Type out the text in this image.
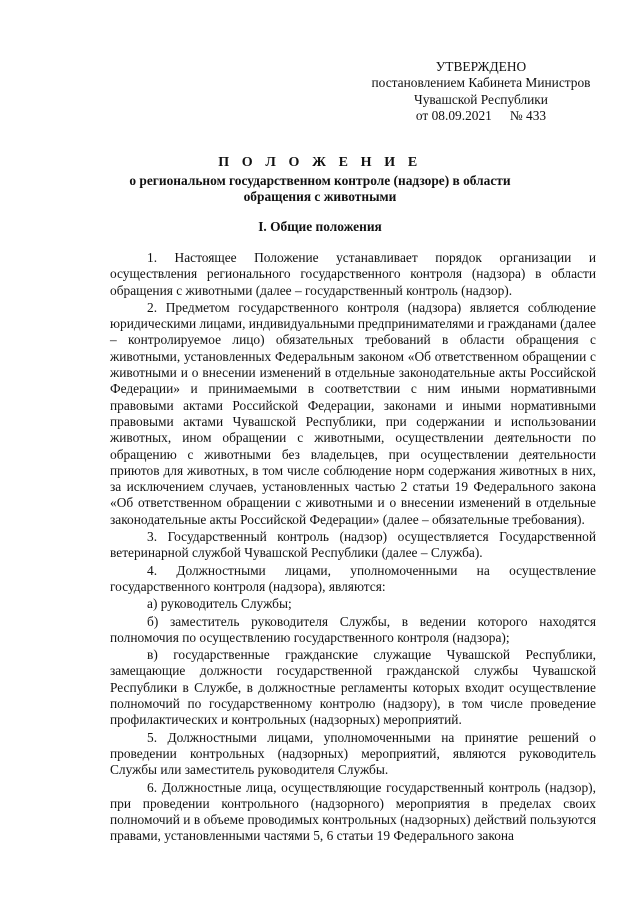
УТВЕРЖДЕНО
постановлением Кабинета Министров
Чувашской Республики
от 08.09.2021 № 433
П О Л О Ж Е Н И Е
о региональном государственном контроле (надзоре) в области
обращения с животными
I. Общие положения

1. Настоящее Положение устанавливает порядок организации и осуществления регионального государственного контроля (надзора) в области обращения с животными (далее – государственный контроль (надзор).

2. Предметом государственного контроля (надзора) является соблюдение юридическими лицами, индивидуальными предпринимателями и гражданами (далее – контролируемое лицо) обязательных требований в области обращения с животными, установленных Федеральным законом «Об ответственном обращении с животными и о внесении изменений в отдельные законодательные акты Российской Федерации» и принимаемыми в соответствии с ним иными нормативными правовыми актами Российской Федерации, законами и иными нормативными правовыми актами Чувашской Республики, при содержании и использовании животных, ином обращении с животными, осуществлении деятельности по обращению с животными без владельцев, при осуществлении деятельности приютов для животных, в том числе соблюдение норм содержания животных в них, за исключением случаев, установленных частью 2 статьи 19 Федерального закона «Об ответственном обращении с животными и о внесении изменений в отдельные законодательные акты Российской Федерации» (далее – обязательные требования).

3. Государственный контроль (надзор) осуществляется Государственной ветеринарной службой Чувашской Республики (далее – Служба).

4. Должностными лицами, уполномоченными на осуществление государственного контроля (надзора), являются:

а) руководитель Службы;

б) заместитель руководителя Службы, в ведении которого находятся полномочия по осуществлению государственного контроля (надзора);

в) государственные гражданские служащие Чувашской Республики, замещающие должности государственной гражданской службы Чувашской Республики в Службе, в должностные регламенты которых входит осуществление полномочий по государственному контролю (надзору), в том числе проведение профилактических и контрольных (надзорных) мероприятий.

5. Должностными лицами, уполномоченными на принятие решений о проведении контрольных (надзорных) мероприятий, являются руководитель Службы или заместитель руководителя Службы.

6. Должностные лица, осуществляющие государственный контроль (надзор), при проведении контрольного (надзорного) мероприятия в пределах своих полномочий и в объеме проводимых контрольных (надзорных) действий пользуются правами, установленными частями 5, 6 статьи 19 Федерального закона
